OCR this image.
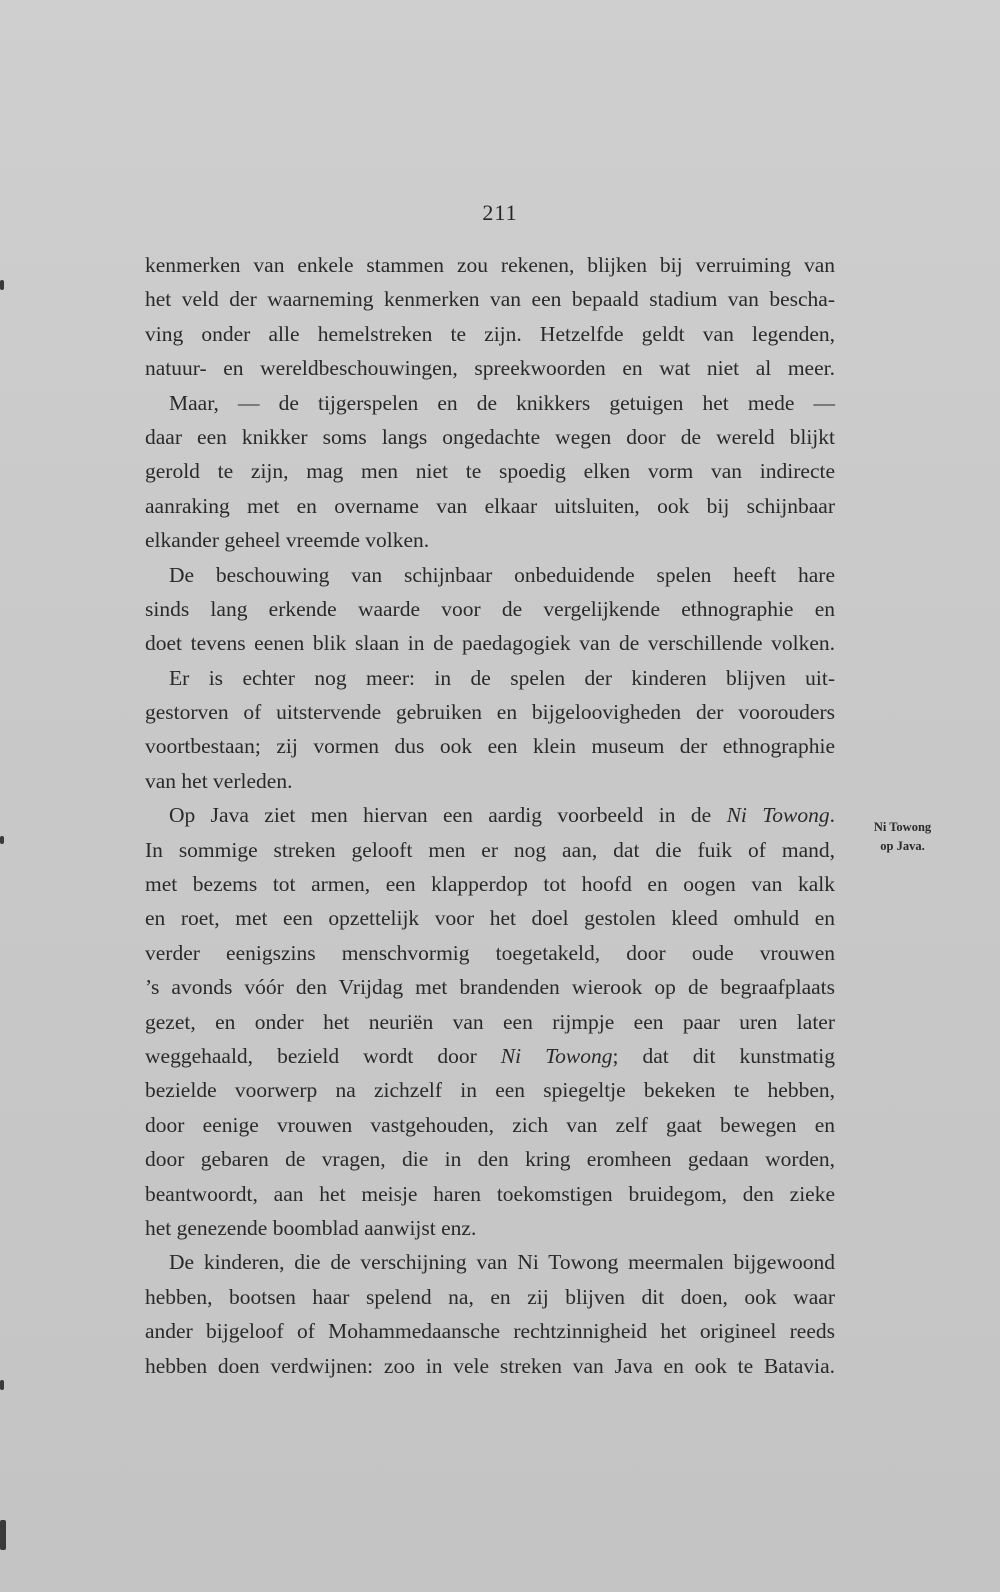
211
kenmerken van enkele stammen zou rekenen, blijken bij verruiming van
het veld der waarneming kenmerken van een bepaald stadium van bescha-
ving onder alle hemelstreken te zijn. Hetzelfde geldt van legenden,
natuur- en wereldbeschouwingen, spreekwoorden en wat niet al meer.
Maar, — de tijgerspelen en de knikkers getuigen het mede —
daar een knikker soms langs ongedachte wegen door de wereld blijkt
gerold te zijn, mag men niet te spoedig elken vorm van indirecte
aanraking met en overname van elkaar uitsluiten, ook bij schijnbaar
elkander geheel vreemde volken.
De beschouwing van schijnbaar onbeduidende spelen heeft hare
sinds lang erkende waarde voor de vergelijkende ethnographie en
doet tevens eenen blik slaan in de paedagogiek van de verschillende volken.
Er is echter nog meer: in de spelen der kinderen blijven uit-
gestorven of uitstervende gebruiken en bijgeloovigheden der voorouders
voortbestaan; zij vormen dus ook een klein museum der ethnographie
van het verleden.
Op Java ziet men hiervan een aardig voorbeeld in de Ni Towong.
In sommige streken gelooft men er nog aan, dat die fuik of mand,
met bezems tot armen, een klapperdop tot hoofd en oogen van kalk
en roet, met een opzettelijk voor het doel gestolen kleed omhuld en
verder eenigszins menschvormig toegetakeld, door oude vrouwen
’s avonds vóór den Vrijdag met brandenden wierook op de begraafplaats
gezet, en onder het neuriën van een rijmpje een paar uren later
weggehaald, bezield wordt door Ni Towong; dat dit kunstmatig
bezielde voorwerp na zichzelf in een spiegeltje bekeken te hebben,
door eenige vrouwen vastgehouden, zich van zelf gaat bewegen en
door gebaren de vragen, die in den kring eromheen gedaan worden,
beantwoordt, aan het meisje haren toekomstigen bruidegom, den zieke
het genezende boomblad aanwijst enz.
De kinderen, die de verschijning van Ni Towong meermalen bijgewoond
hebben, bootsen haar spelend na, en zij blijven dit doen, ook waar
ander bijgeloof of Mohammedaansche rechtzinnigheid het origineel reeds
hebben doen verdwijnen: zoo in vele streken van Java en ook te Batavia.
Ni Towong
op Java.
